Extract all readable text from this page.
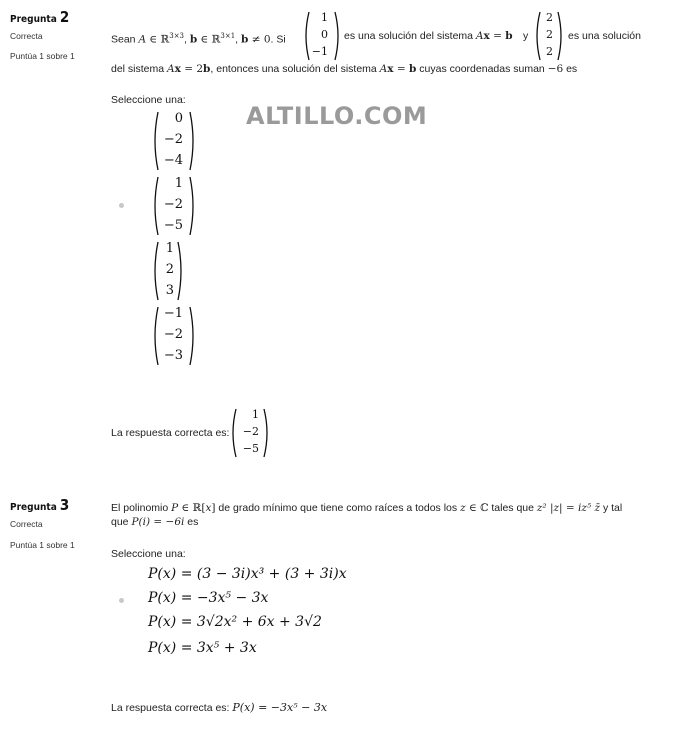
Pregunta 2
Correcta
Puntúa 1 sobre 1
Sean A ∈ ℝ$^{3\times 3}$, b ∈ ℝ$^{3\times 1}$, b ≠ 0. Si
1
0
−1
es una solución del sistema Ax = b y
2
2
2
es una solución
del sistema Ax = 2b, entonces una solución del sistema Ax = b cuyas coordenadas suman −6 es
Seleccione una:
ALTILLO.COM
0
−2
−4
1
−2
−5
1
2
3
−1
−2
−3
La respuesta correcta es:
1
−2
−5
Pregunta 3
Correcta
Puntúa 1 sobre 1
El polinomio P ∈ ℝ[x] de grado mínimo que tiene como raíces a todos los z ∈ ℂ tales que z² |z| = iz⁵ z̄ y tal
que P(i) = −6i es
Seleccione una:
P(x) = (3 − 3i)x³ + (3 + 3i)x
P(x) = −3x⁵ − 3x
P(x) = 3√2x² + 6x + 3√2
P(x) = 3x⁵ + 3x
La respuesta correcta es: P(x) = −3x⁵ − 3x
